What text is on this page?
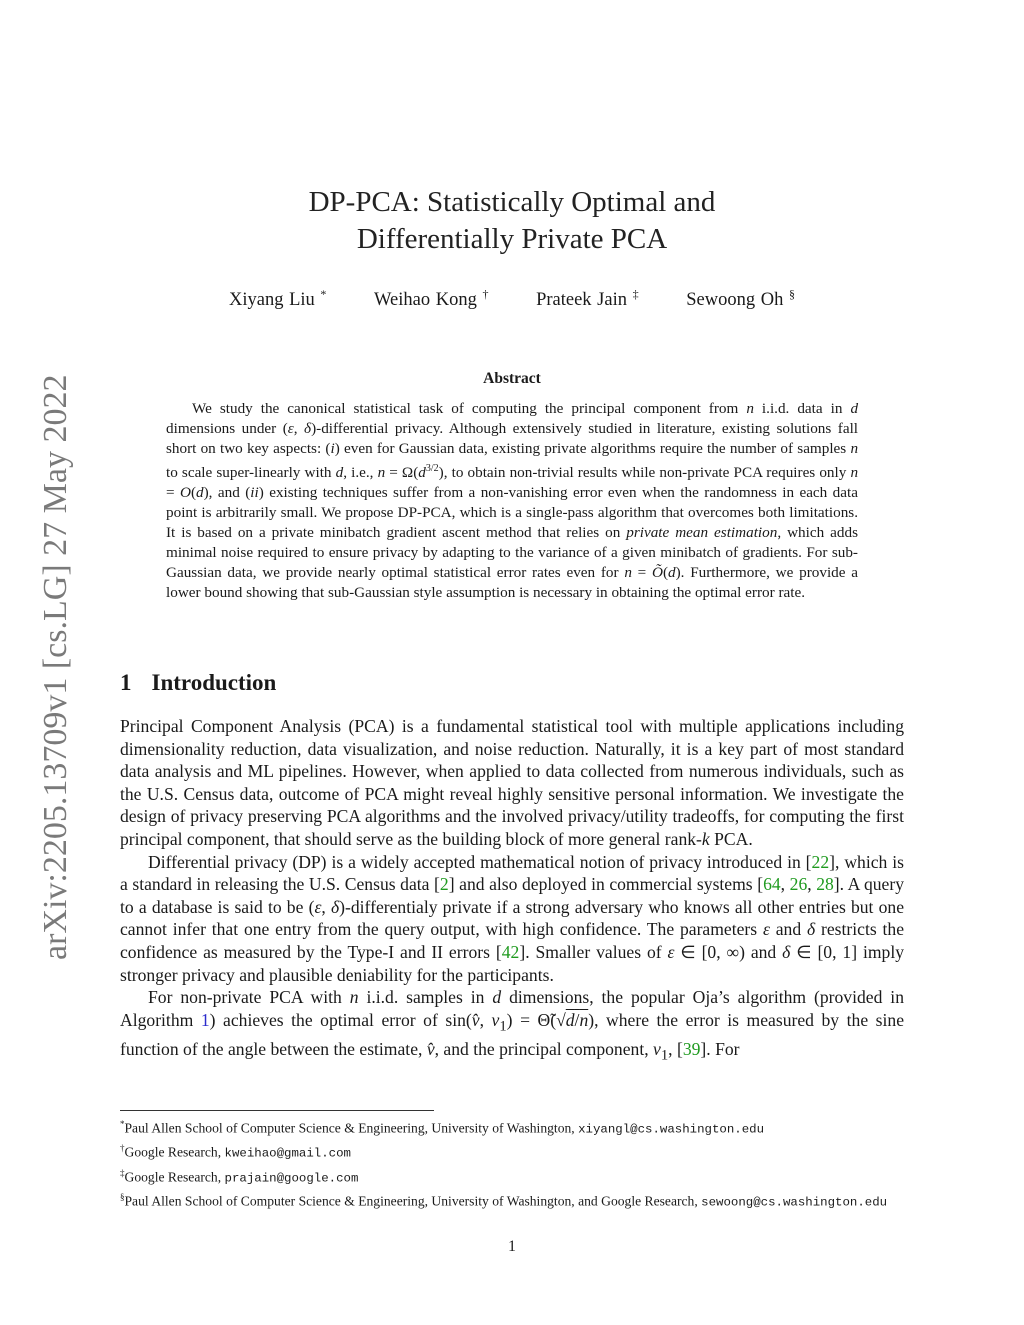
arXiv:2205.13709v1 [cs.LG] 27 May 2022
DP-PCA: Statistically Optimal and
Differentially Private PCA
Xiyang Liu *	Weihao Kong †	Prateek Jain ‡	Sewoong Oh §
Abstract

We study the canonical statistical task of computing the principal component from n i.i.d. data in d dimensions under (ε, δ)-differential privacy. Although extensively studied in literature, existing solutions fall short on two key aspects: (i) even for Gaussian data, existing private algorithms require the number of samples n to scale super-linearly with d, i.e., $n = \Omega(d^{3/2})$, to obtain non-trivial results while non-private PCA requires only n = O(d), and (ii) existing techniques suffer from a non-vanishing error even when the randomness in each data point is arbitrarily small. We propose DP-PCA, which is a single-pass algorithm that overcomes both limitations. It is based on a private minibatch gradient ascent method that relies on private mean estimation, which adds minimal noise required to ensure privacy by adapting to the variance of a given minibatch of gradients. For sub-Gaussian data, we provide nearly optimal statistical error rates even for n = Õ(d). Furthermore, we provide a lower bound showing that sub-Gaussian style assumption is necessary in obtaining the optimal error rate.

1 Introduction

Principal Component Analysis (PCA) is a fundamental statistical tool with multiple applications including dimensionality reduction, data visualization, and noise reduction. Naturally, it is a key part of most standard data analysis and ML pipelines. However, when applied to data collected from numerous individuals, such as the U.S. Census data, outcome of PCA might reveal highly sensitive personal information. We investigate the design of privacy preserving PCA algorithms and the involved privacy/utility tradeoffs, for computing the first principal component, that should serve as the building block of more general rank-k PCA.

Differential privacy (DP) is a widely accepted mathematical notion of privacy introduced in [22], which is a standard in releasing the U.S. Census data [2] and also deployed in commercial systems [64, 26, 28]. A query to a database is said to be (ε, δ)-differentialy private if a strong adversary who knows all other entries but one cannot infer that one entry from the query output, with high confidence. The parameters ε and δ restricts the confidence as measured by the Type-I and II errors [42]. Smaller values of ε ∈ [0, ∞) and δ ∈ [0, 1] imply stronger privacy and plausible deniability for the participants.

For non-private PCA with n i.i.d. samples in d dimensions, the popular Oja’s algorithm (provided in Algorithm 1) achieves the optimal error of sin(v̂, $v_1$) = Θ̃(√d/n), where the error is measured by the sine function of the angle between the estimate, v̂, and the principal component, $v_1$, [39]. For

*Paul Allen School of Computer Science & Engineering, University of Washington, xiyangl@cs.washington.edu
†Google Research, kweihao@gmail.com
‡Google Research, prajain@google.com
§Paul Allen School of Computer Science & Engineering, University of Washington, and Google Research, sewoong@cs.washington.edu
1
